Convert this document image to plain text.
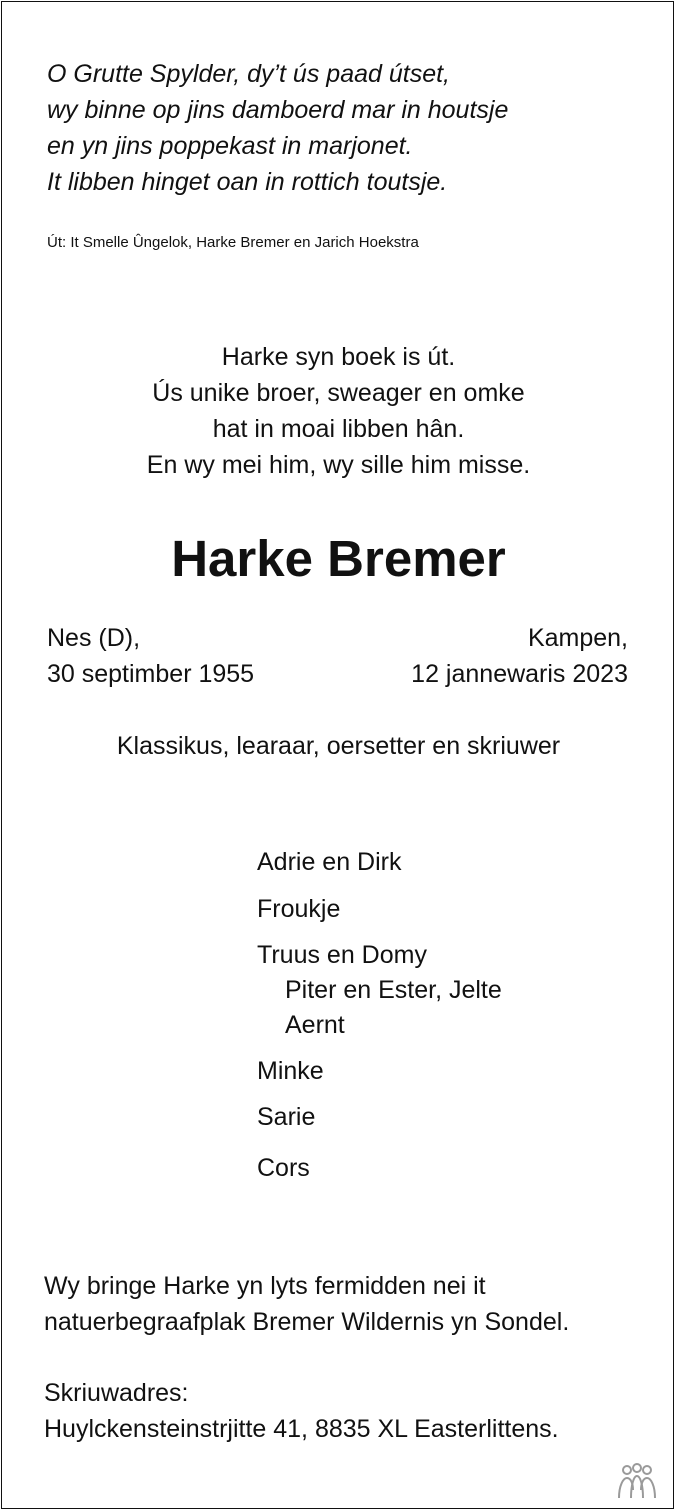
O Grutte Spylder, dy’t ús paad útset,
wy binne op jins damboerd mar in houtsje
en yn jins poppekast in marjonet.
It libben hinget oan in rottich toutsje.
Út: It Smelle Ûngelok, Harke Bremer en Jarich Hoekstra
Harke syn boek is út.
Ús unike broer, sweager en omke
hat in moai libben hân.
En wy mei him, wy sille him misse.
Harke Bremer
Nes (D),
30 septimber 1955
Kampen,
12 jannewaris 2023
Klassikus, learaar, oersetter en skriuwer
Adrie en Dirk
Froukje
Truus en Domy
Piter en Ester, Jelte
Aernt
Minke
Sarie
Cors
Wy bringe Harke yn lyts fermidden nei it
natuerbegraafplak Bremer Wildernis yn Sondel.
Skriuwadres:
Huylckensteinstrjitte 41, 8835 XL Easterlittens.
